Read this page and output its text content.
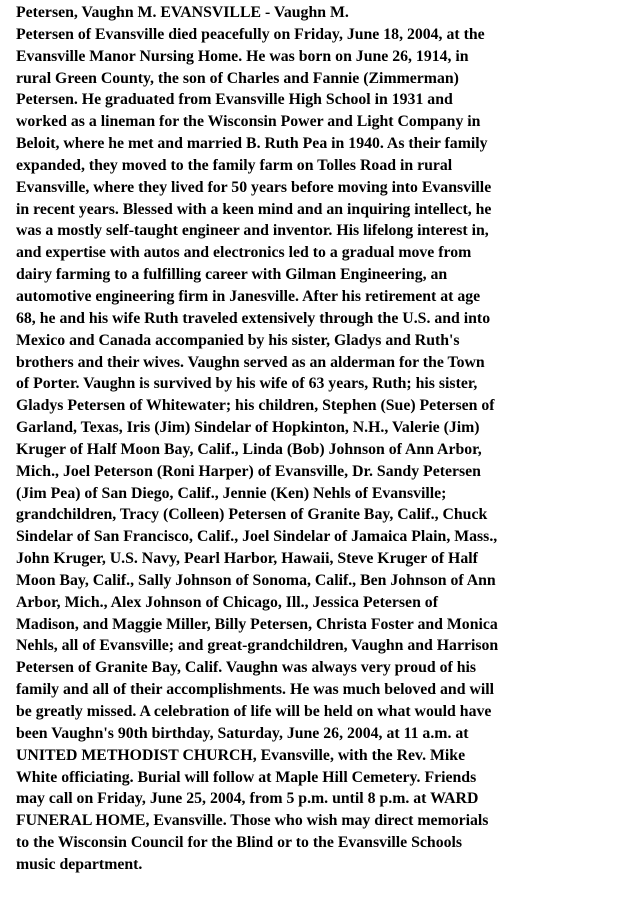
Petersen, Vaughn M. EVANSVILLE - Vaughn M.
Petersen of Evansville died peacefully on Friday, June 18, 2004, at the
Evansville Manor Nursing Home. He was born on June 26, 1914, in
rural Green County, the son of Charles and Fannie (Zimmerman)
Petersen. He graduated from Evansville High School in 1931 and
worked as a lineman for the Wisconsin Power and Light Company in
Beloit, where he met and married B. Ruth Pea in 1940. As their family
expanded, they moved to the family farm on Tolles Road in rural
Evansville, where they lived for 50 years before moving into Evansville
in recent years. Blessed with a keen mind and an inquiring intellect, he
was a mostly self-taught engineer and inventor. His lifelong interest in,
and expertise with autos and electronics led to a gradual move from
dairy farming to a fulfilling career with Gilman Engineering, an
automotive engineering firm in Janesville. After his retirement at age
68, he and his wife Ruth traveled extensively through the U.S. and into
Mexico and Canada accompanied by his sister, Gladys and Ruth's
brothers and their wives. Vaughn served as an alderman for the Town
of Porter. Vaughn is survived by his wife of 63 years, Ruth; his sister,
Gladys Petersen of Whitewater; his children, Stephen (Sue) Petersen of
Garland, Texas, Iris (Jim) Sindelar of Hopkinton, N.H., Valerie (Jim)
Kruger of Half Moon Bay, Calif., Linda (Bob) Johnson of Ann Arbor,
Mich., Joel Peterson (Roni Harper) of Evansville, Dr. Sandy Petersen
(Jim Pea) of San Diego, Calif., Jennie (Ken) Nehls of Evansville;
grandchildren, Tracy (Colleen) Petersen of Granite Bay, Calif., Chuck
Sindelar of San Francisco, Calif., Joel Sindelar of Jamaica Plain, Mass.,
John Kruger, U.S. Navy, Pearl Harbor, Hawaii, Steve Kruger of Half
Moon Bay, Calif., Sally Johnson of Sonoma, Calif., Ben Johnson of Ann
Arbor, Mich., Alex Johnson of Chicago, Ill., Jessica Petersen of
Madison, and Maggie Miller, Billy Petersen, Christa Foster and Monica
Nehls, all of Evansville; and great-grandchildren, Vaughn and Harrison
Petersen of Granite Bay, Calif. Vaughn was always very proud of his
family and all of their accomplishments. He was much beloved and will
be greatly missed. A celebration of life will be held on what would have
been Vaughn's 90th birthday, Saturday, June 26, 2004, at 11 a.m. at
UNITED METHODIST CHURCH, Evansville, with the Rev. Mike
White officiating. Burial will follow at Maple Hill Cemetery. Friends
may call on Friday, June 25, 2004, from 5 p.m. until 8 p.m. at WARD
FUNERAL HOME, Evansville. Those who wish may direct memorials
to the Wisconsin Council for the Blind or to the Evansville Schools
music department.
